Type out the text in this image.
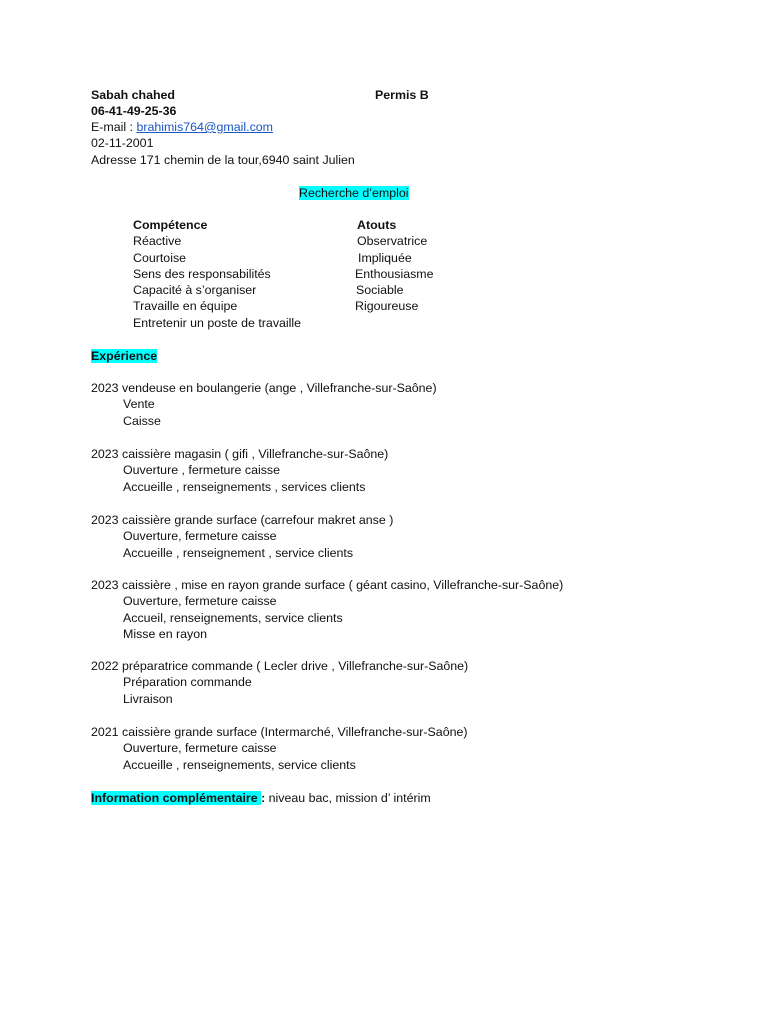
Sabah chahed	Permis B
06-41-49-25-36
E-mail : brahimis764@gmail.com
02-11-2001
Adresse 171 chemin de la tour,6940 saint Julien
Recherche d’emploi
Compétence
Réactive
Courtoise
Sens des responsabilités
Capacité à s’organiser
Travaille en équipe
Entretenir un poste de travaille
Atouts
Observatrice
Impliquée
Enthousiasme
Sociable
Rigoureuse
Expérience
2023 vendeuse en boulangerie (ange , Villefranche-sur-Saône)
Vente
Caisse
2023 caissière magasin ( gifi , Villefranche-sur-Saône)
Ouverture , fermeture caisse
Accueille , renseignements , services clients
2023 caissière grande surface (carrefour makret anse )
Ouverture, fermeture caisse
Accueille , renseignement , service clients
2023 caissière , mise en rayon grande surface ( géant casino, Villefranche-sur-Saône)
Ouverture, fermeture caisse
Accueil, renseignements, service clients
Misse en rayon
2022 préparatrice commande ( Lecler drive , Villefranche-sur-Saône)
Préparation commande
Livraison
2021 caissière grande surface (Intermarché, Villefranche-sur-Saône)
Ouverture, fermeture caisse
Accueille , renseignements, service clients
Information complémentaire : niveau bac, mission d’ intérim
